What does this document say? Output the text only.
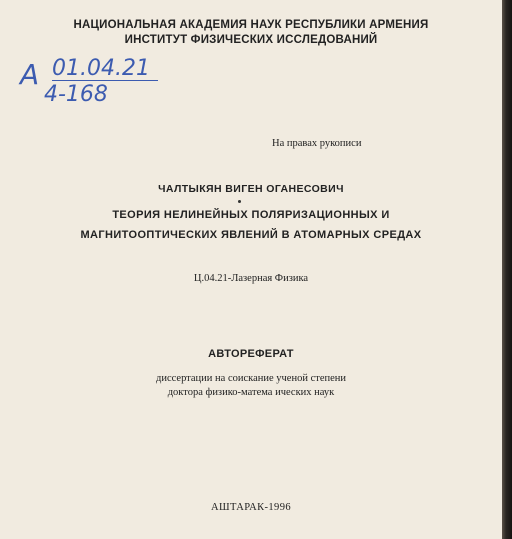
НАЦИОНАЛЬНАЯ АКАДЕМИЯ НАУК РЕСПУБЛИКИ АРМЕНИЯ
ИНСТИТУТ ФИЗИЧЕСКИХ ИССЛЕДОВАНИЙ
А 01.04.21
4-168
На правах рукописи
ЧАЛТЫКЯН ВИГЕН ОГАНЕСОВИЧ
ТЕОРИЯ НЕЛИНЕЙНЫХ ПОЛЯРИЗАЦИОННЫХ И
МАГНИТООПТИЧЕСКИХ ЯВЛЕНИЙ В АТОМАРНЫХ СРЕДАХ
Ц.04.21-Лазерная Физика
АВТОРЕФЕРАТ
диссертации на соискание ученой степени
доктора физико-матема ических наук
АШТАРАК-1996
